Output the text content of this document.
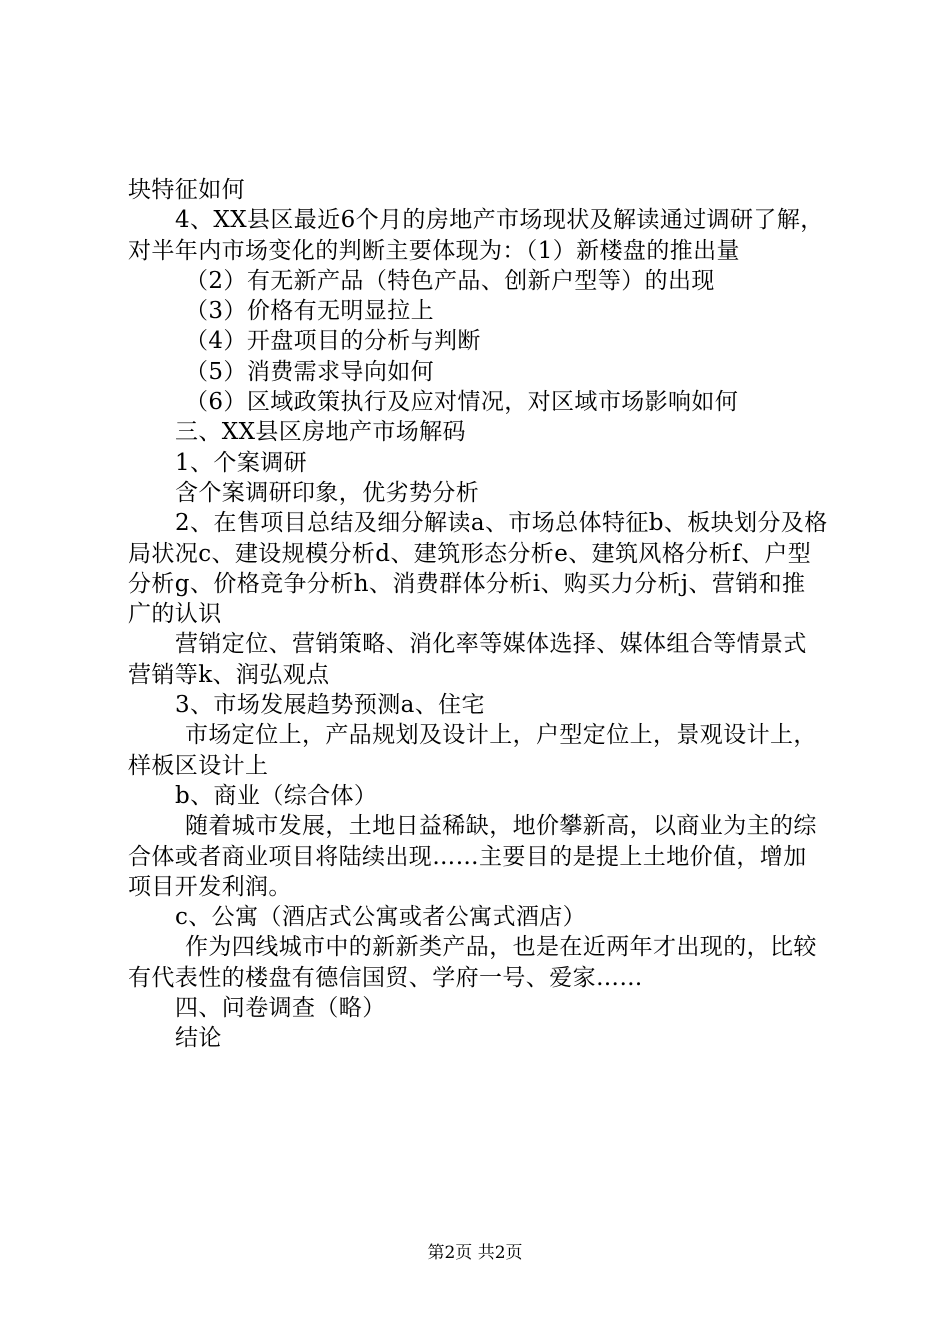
块特征如何

4、XX县区最近6个月的房地产市场现状及解读通过调研了解，对半年内市场变化的判断主要体现为：（1）新楼盘的推出量

（2）有无新产品（特色产品、创新户型等）的出现

（3）价格有无明显拉上

（4）开盘项目的分析与判断

（5）消费需求导向如何

（6）区域政策执行及应对情况，对区域市场影响如何

三、XX县区房地产市场解码

1、个案调研

含个案调研印象，优劣势分析

2、在售项目总结及细分解读a、市场总体特征b、板块划分及格局状况c、建设规模分析d、建筑形态分析e、建筑风格分析f、户型分析g、价格竞争分析h、消费群体分析i、购买力分析j、营销和推广的认识

营销定位、营销策略、消化率等媒体选择、媒体组合等情景式营销等k、润弘观点

3、市场发展趋势预测a、住宅

市场定位上，产品规划及设计上，户型定位上，景观设计上，样板区设计上

b、商业（综合体）

随着城市发展，土地日益稀缺，地价攀新高，以商业为主的综合体或者商业项目将陆续出现……主要目的是提上土地价值，增加项目开发利润。

c、公寓（酒店式公寓或者公寓式酒店）

作为四线城市中的新新类产品，也是在近两年才出现的，比较有代表性的楼盘有德信国贸、学府一号、爱家……

四、问卷调查（略）

结论

第2页 共2页
